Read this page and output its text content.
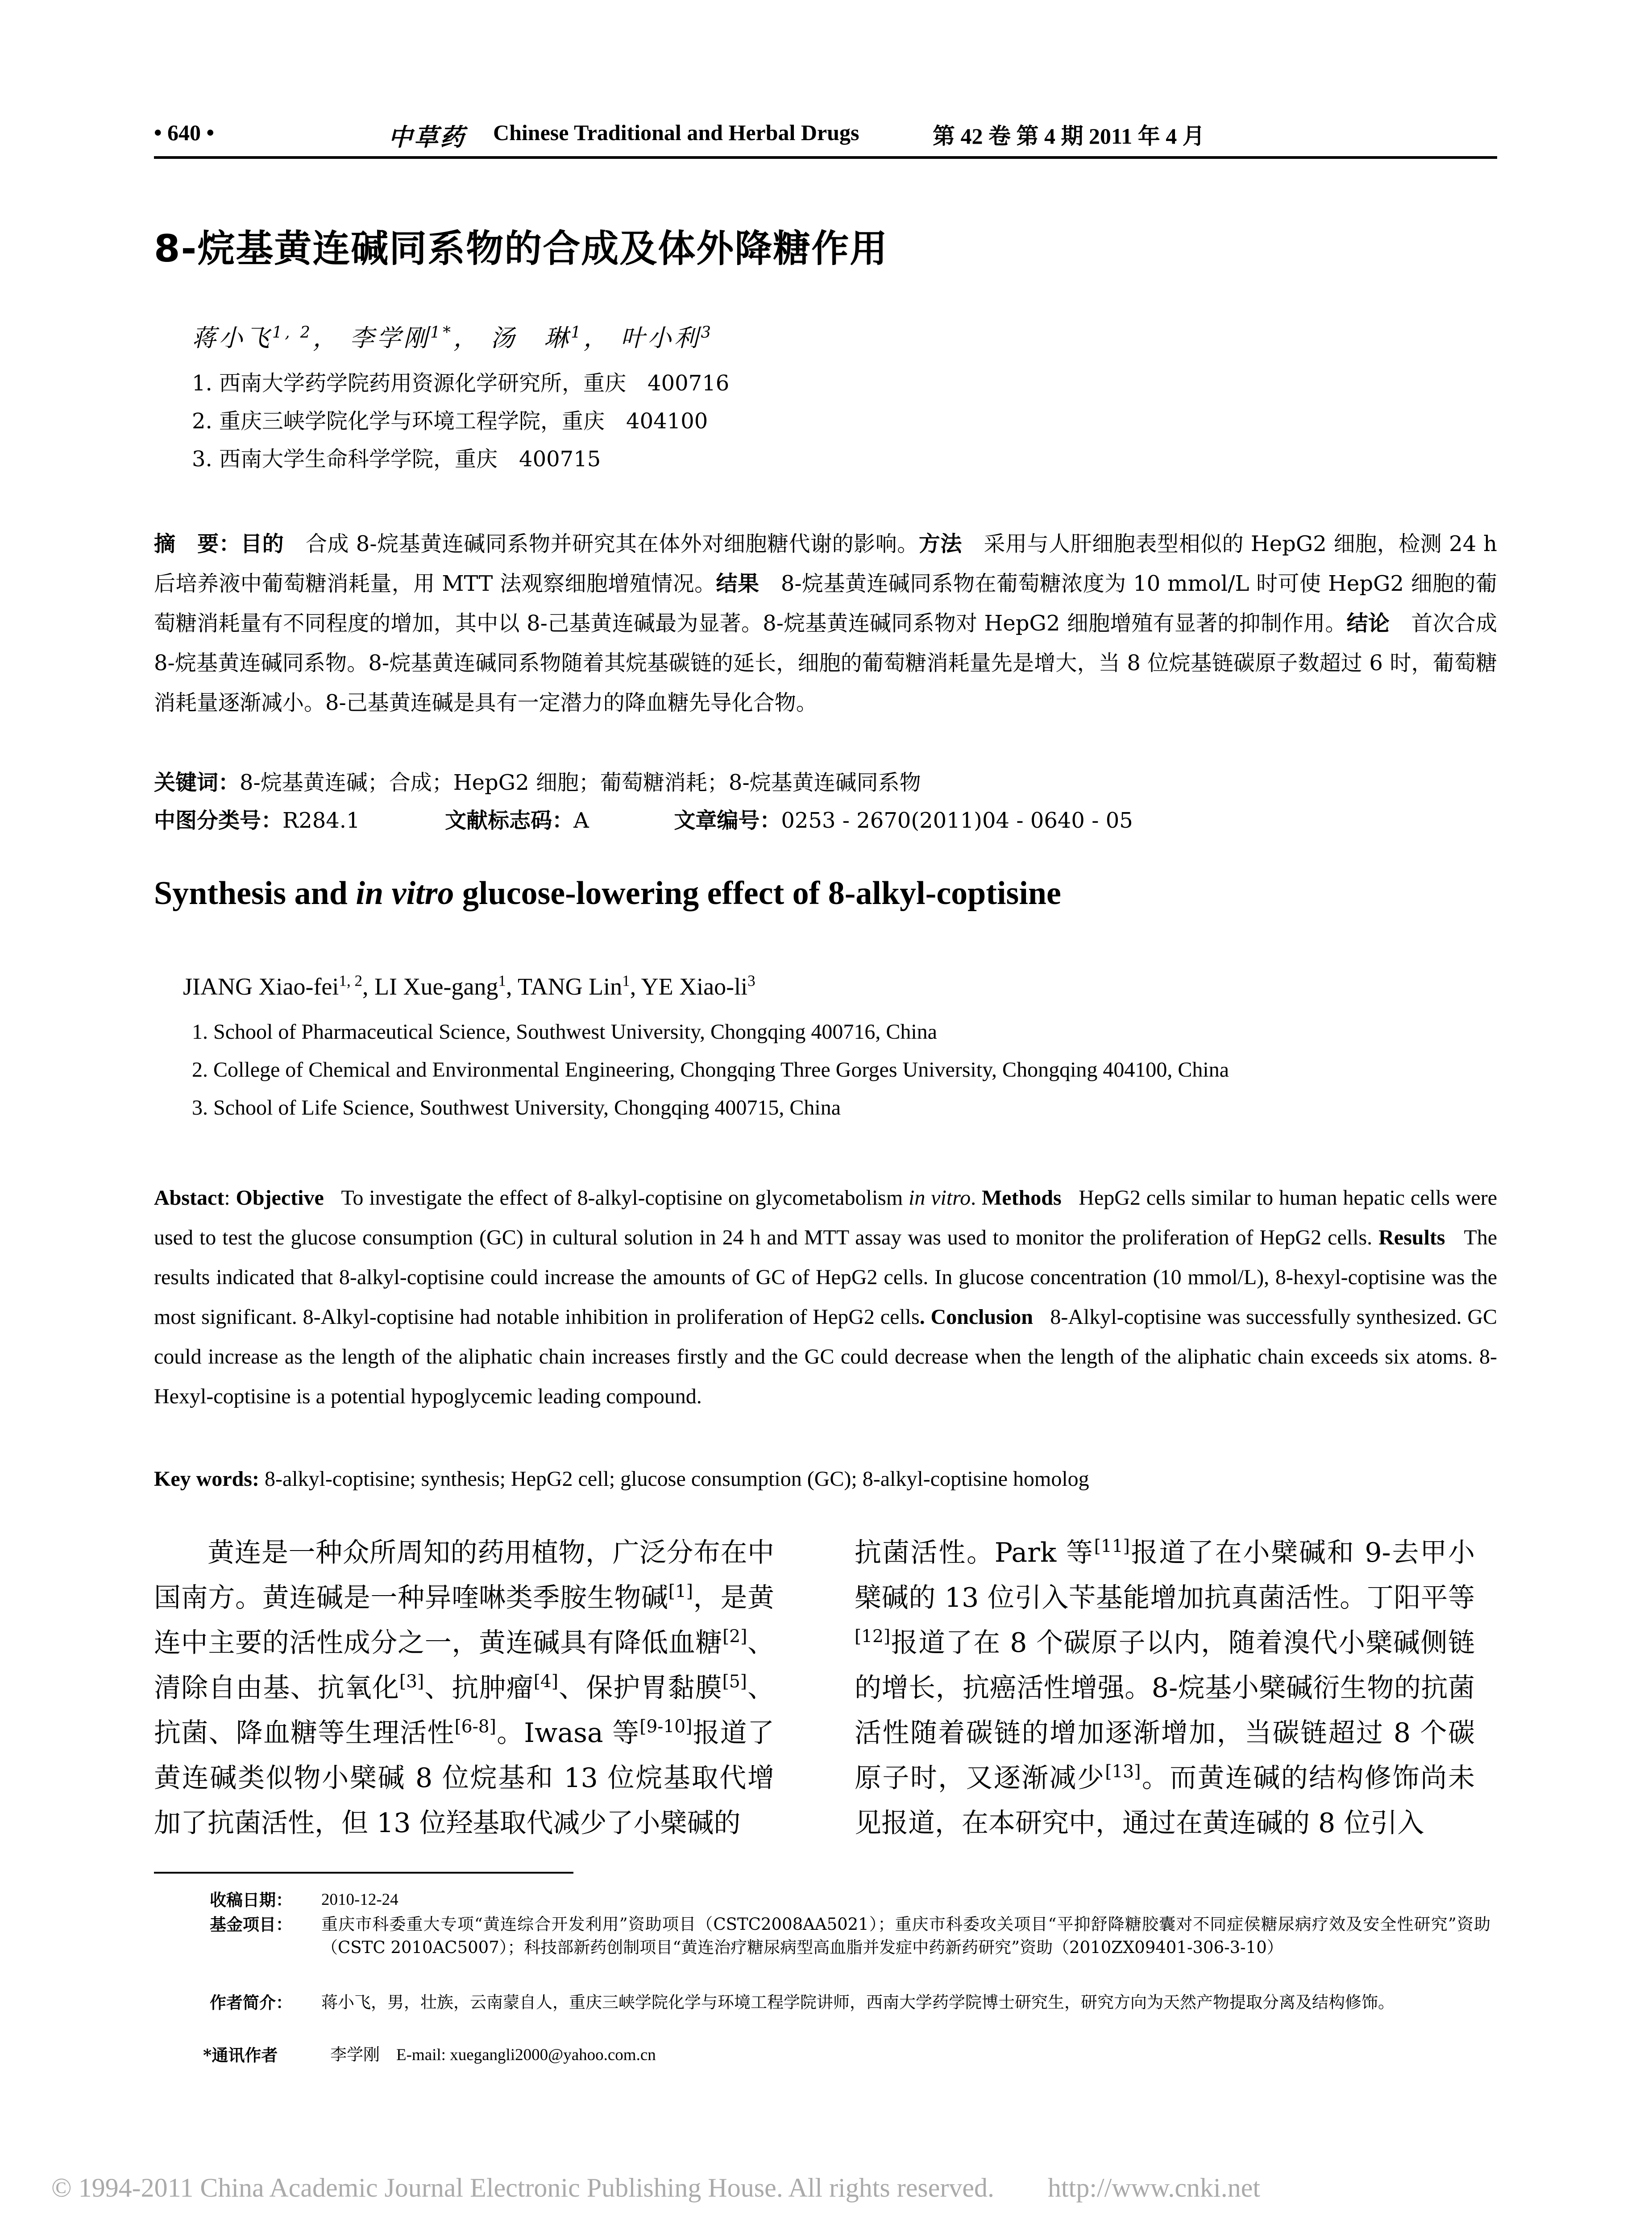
• 640 •	中草药 Chinese Traditional and Herbal Drugs	第 42 卷 第 4 期 2011 年 4 月
8-烷基黄连碱同系物的合成及体外降糖作用
蒋小飞$^{1, 2}$， 李学刚$^{1*}$， 汤　琳$^1$， 叶小利$^3$
1. 西南大学药学院药用资源化学研究所，重庆　400716
2. 重庆三峡学院化学与环境工程学院，重庆　404100
3. 西南大学生命科学学院，重庆　400715
摘　要：目的　 合成 8-烷基黄连碱同系物并研究其在体外对细胞糖代谢的影响。方法　 采用与人肝细胞表型相似的 HepG2 细胞，检测 24 h 后培养液中葡萄糖消耗量，用 MTT 法观察细胞增殖情况。结果　 8-烷基黄连碱同系物在葡萄糖浓度为 10 mmol/L 时可使 HepG2 细胞的葡萄糖消耗量有不同程度的增加，其中以 8-己基黄连碱最为显著。8-烷基黄连碱同系物对 HepG2 细胞增殖有显著的抑制作用。结论　 首次合成 8-烷基黄连碱同系物。8-烷基黄连碱同系物随着其烷基碳链的延长，细胞的葡萄糖消耗量先是增大，当 8 位烷基链碳原子数超过 6 时，葡萄糖消耗量逐渐减小。8-己基黄连碱是具有一定潜力的降血糖先导化合物。
关键词：8-烷基黄连碱；合成；HepG2 细胞；葡萄糖消耗；8-烷基黄连碱同系物
中图分类号：R284.1	文献标志码：A	文章编号：0253 - 2670(2011)04 - 0640 - 05
Synthesis and in vitro glucose-lowering effect of 8-alkyl-coptisine
JIANG Xiao-fei$^{1, 2}$, LI Xue-gang$^1$, TANG Lin$^1$, YE Xiao-$li^3$
1. School of Pharmaceutical Science, Southwest University, Chongqing 400716, China
2. College of Chemical and Environmental Engineering, Chongqing Three Gorges University, Chongqing 404100, China
3. School of Life Science, Southwest University, Chongqing 400715, China
Abstact: Objective To investigate the effect of 8-alkyl-coptisine on glycometabolism in vitro. Methods HepG2 cells similar to human hepatic cells were used to test the glucose consumption (GC) in cultural solution in 24 h and MTT assay was used to monitor the proliferation of HepG2 cells. Results The results indicated that 8-alkyl-coptisine could increase the amounts of GC of HepG2 cells. In glucose concentration (10 mmol/L), 8-hexyl-coptisine was the most significant. 8-Alkyl-coptisine had notable inhibition in proliferation of HepG2 cells. Conclusion 8-Alkyl-coptisine was successfully synthesized. GC could increase as the length of the aliphatic chain increases firstly and the GC could decrease when the length of the aliphatic chain exceeds six atoms. 8-Hexyl-coptisine is a potential hypoglycemic leading compound.
Key words: 8-alkyl-coptisine; synthesis; HepG2 cell; glucose consumption (GC); 8-alkyl-coptisine homolog
黄连是一种众所周知的药用植物，广泛分布在中国南方。黄连碱是一种异喹啉类季胺生物碱[1]，是黄连中主要的活性成分之一，黄连碱具有降低血糖[2]、清除自由基、抗氧化[3]、抗肿瘤[4]、保护胃黏膜[5]、抗菌、降血糖等生理活性[6-8]。Iwasa 等[9-10]报道了黄连碱类似物小檗碱 8 位烷基和 13 位烷基取代增加了抗菌活性，但 13 位羟基取代减少了小檗碱的
抗菌活性。Park 等[11]报道了在小檗碱和 9-去甲小檗碱的 13 位引入苄基能增加抗真菌活性。丁阳平等[12]报道了在 8 个碳原子以内，随着溴代小檗碱侧链的增长，抗癌活性增强。8-烷基小檗碱衍生物的抗菌活性随着碳链的增加逐渐增加，当碳链超过 8 个碳原子时，又逐渐减少[13]。而黄连碱的结构修饰尚未见报道，在本研究中，通过在黄连碱的 8 位引入
收稿日期： 2010-12-24
基金项目： 重庆市科委重大专项“黄连综合开发利用”资助项目（CSTC2008AA5021）；重庆市科委攻关项目“平抑舒降糖胶囊对不同症侯糖尿病疗效及安全性研究”资助（CSTC 2010AC5007）；科技部新药创制项目“黄连治疗糖尿病型高血脂并发症中药新药研究”资助（2010ZX09401-306-3-10）
作者简介： 蒋小飞，男，壮族，云南蒙自人，重庆三峡学院化学与环境工程学院讲师，西南大学药学院博士研究生，研究方向为天然产物提取分离及结构修饰。
*通讯作者	李学刚　E-mail: xuegangli2000@yahoo.com.cn
© 1994-2011 China Academic Journal Electronic Publishing House. All rights reserved.　　http://www.cnki.net
